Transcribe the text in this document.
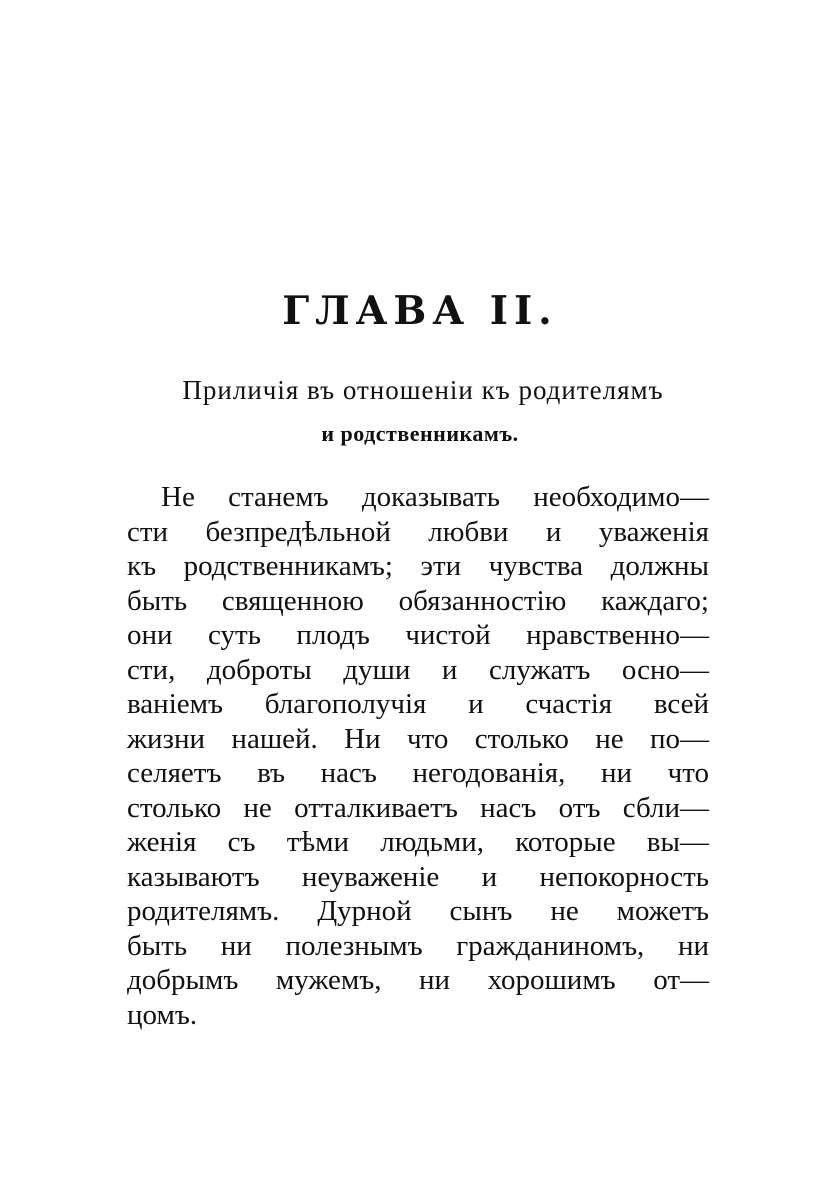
ГЛАВА II.
Приличія въ отношеніи къ родителямъ
и родственникамъ.
Не станемъ доказывать необходимо—
сти безпредѣльной любви и уваженія
къ родственникамъ; эти чувства должны
быть священною обязанностію каждаго;
они суть плодъ чистой нравственно—
сти, доброты души и служатъ осно—
ваніемъ благополучія и счастія всей
жизни нашей. Ни что столько не по—
селяетъ въ насъ негодованія, ни что
столько не отталкиваетъ насъ отъ сбли—
женія съ тѣми людьми, которые вы—
казываютъ неуваженіе и непокорность
родителямъ. Дурной сынъ не можетъ
быть ни полезнымъ гражданиномъ, ни
добрымъ мужемъ, ни хорошимъ от—
цомъ.
